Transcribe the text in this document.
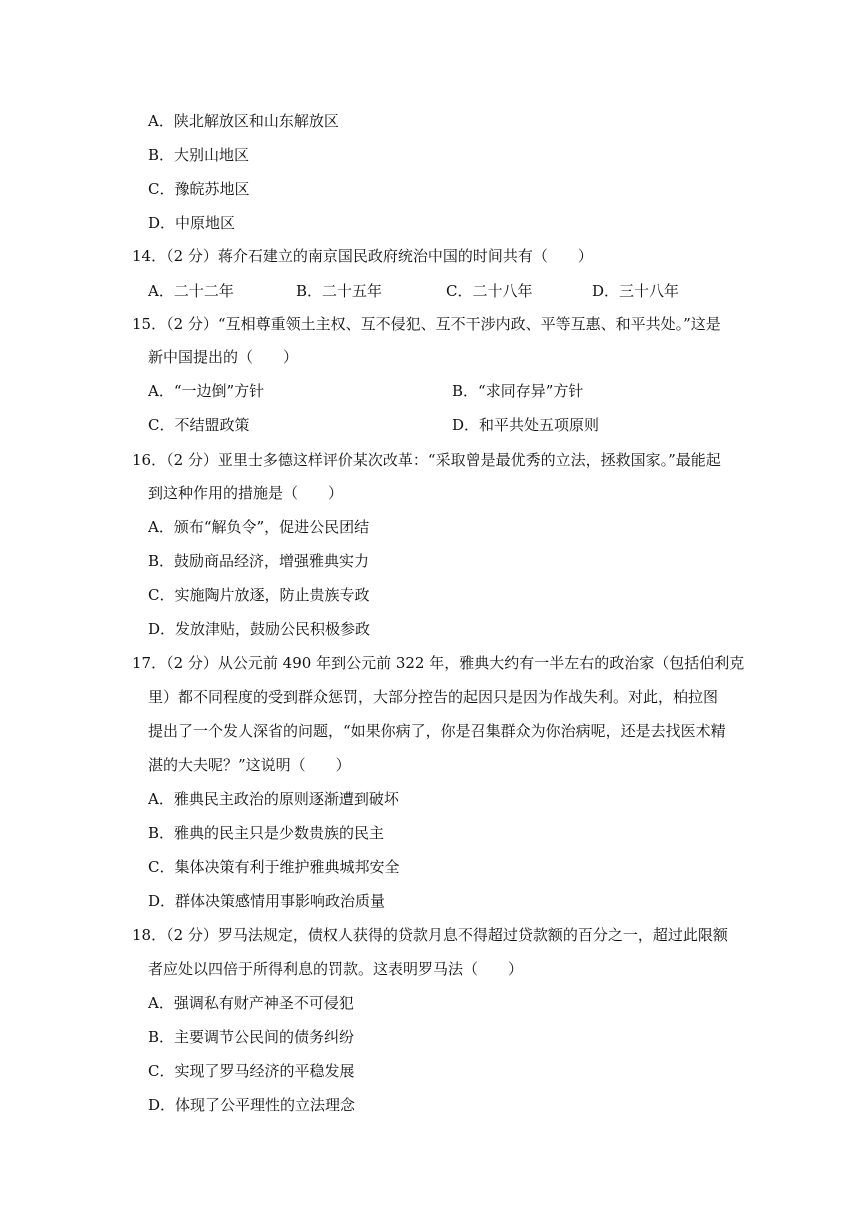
A．陕北解放区和山东解放区
B．大别山地区
C．豫皖苏地区
D．中原地区
14．（2 分）蒋介石建立的南京国民政府统治中国的时间共有（　　）
A．二十二年	B．二十五年	C．二十八年	D．三十八年
15．（2 分）“互相尊重领土主权、互不侵犯、互不干涉内政、平等互惠、和平共处。”这是
新中国提出的（　　）
A．“一边倒”方针	B．“求同存异”方针
C．不结盟政策	D．和平共处五项原则
16．（2 分）亚里士多德这样评价某次改革：“采取曾是最优秀的立法，拯救国家。”最能起
到这种作用的措施是（　　）
A．颁布“解负令”，促进公民团结
B．鼓励商品经济，增强雅典实力
C．实施陶片放逐，防止贵族专政
D．发放津贴，鼓励公民积极参政
17．（2 分）从公元前 490 年到公元前 322 年，雅典大约有一半左右的政治家（包括伯利克
里）都不同程度的受到群众惩罚，大部分控告的起因只是因为作战失利。对此，柏拉图
提出了一个发人深省的问题，“如果你病了，你是召集群众为你治病呢，还是去找医术精
湛的大夫呢？”这说明（　　）
A．雅典民主政治的原则逐渐遭到破坏
B．雅典的民主只是少数贵族的民主
C．集体决策有利于维护雅典城邦安全
D．群体决策感情用事影响政治质量
18．（2 分）罗马法规定，债权人获得的贷款月息不得超过贷款额的百分之一，超过此限额
者应处以四倍于所得利息的罚款。这表明罗马法（　　）
A．强调私有财产神圣不可侵犯
B．主要调节公民间的债务纠纷
C．实现了罗马经济的平稳发展
D．体现了公平理性的立法理念
